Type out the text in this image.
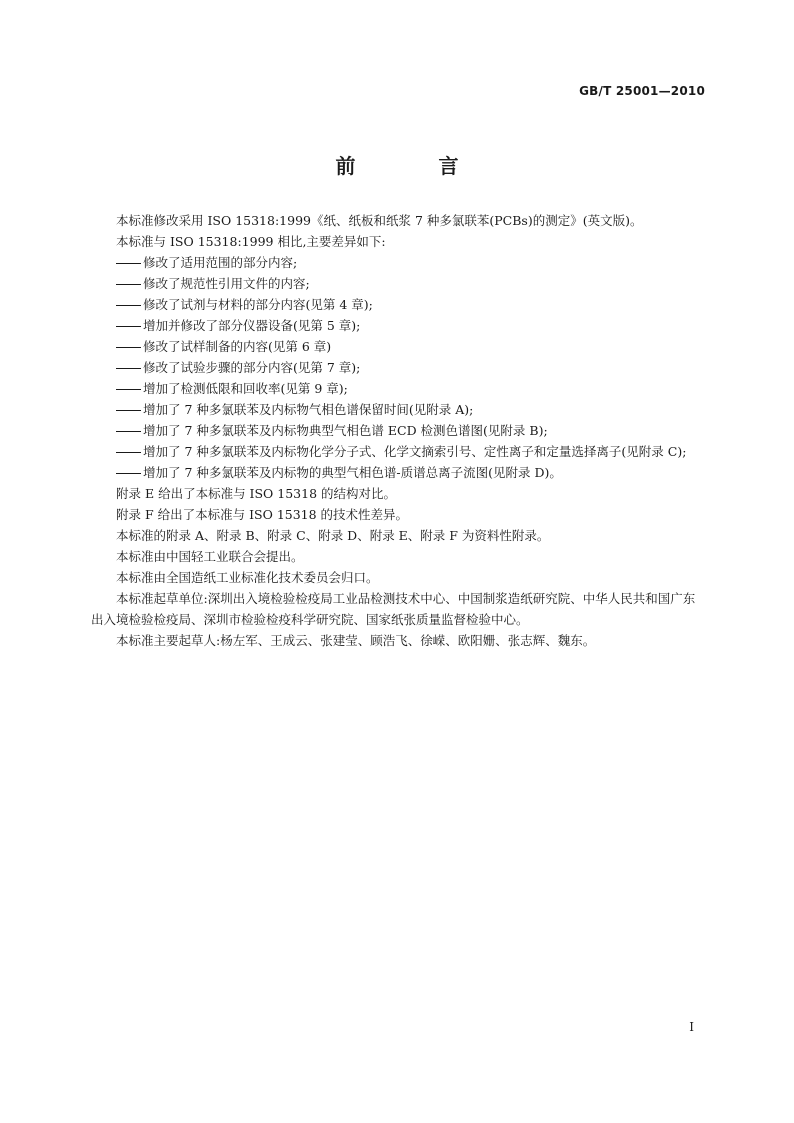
GB/T 25001—2010
前 言

本标准修改采用 ISO 15318:1999《纸、纸板和纸浆 7 种多氯联苯(PCBs)的测定》(英文版)。

本标准与 ISO 15318:1999 相比,主要差异如下:

修改了适用范围的部分内容;

修改了规范性引用文件的内容;

修改了试剂与材料的部分内容(见第 4 章);

增加并修改了部分仪器设备(见第 5 章);

修改了试样制备的内容(见第 6 章)

修改了试验步骤的部分内容(见第 7 章);

增加了检测低限和回收率(见第 9 章);

增加了 7 种多氯联苯及内标物气相色谱保留时间(见附录 A);

增加了 7 种多氯联苯及内标物典型气相色谱 ECD 检测色谱图(见附录 B);

增加了 7 种多氯联苯及内标物化学分子式、化学文摘索引号、定性离子和定量选择离子(见附录 C);

增加了 7 种多氯联苯及内标物的典型气相色谱-质谱总离子流图(见附录 D)。

附录 E 给出了本标准与 ISO 15318 的结构对比。

附录 F 给出了本标准与 ISO 15318 的技术性差异。

本标准的附录 A、附录 B、附录 C、附录 D、附录 E、附录 F 为资料性附录。

本标准由中国轻工业联合会提出。

本标准由全国造纸工业标准化技术委员会归口。

本标准起草单位:深圳出入境检验检疫局工业品检测技术中心、中国制浆造纸研究院、中华人民共和国广东出入境检验检疫局、深圳市检验检疫科学研究院、国家纸张质量监督检验中心。

本标准主要起草人:杨左军、王成云、张建莹、顾浩飞、徐嵘、欧阳姗、张志辉、魏东。

I
